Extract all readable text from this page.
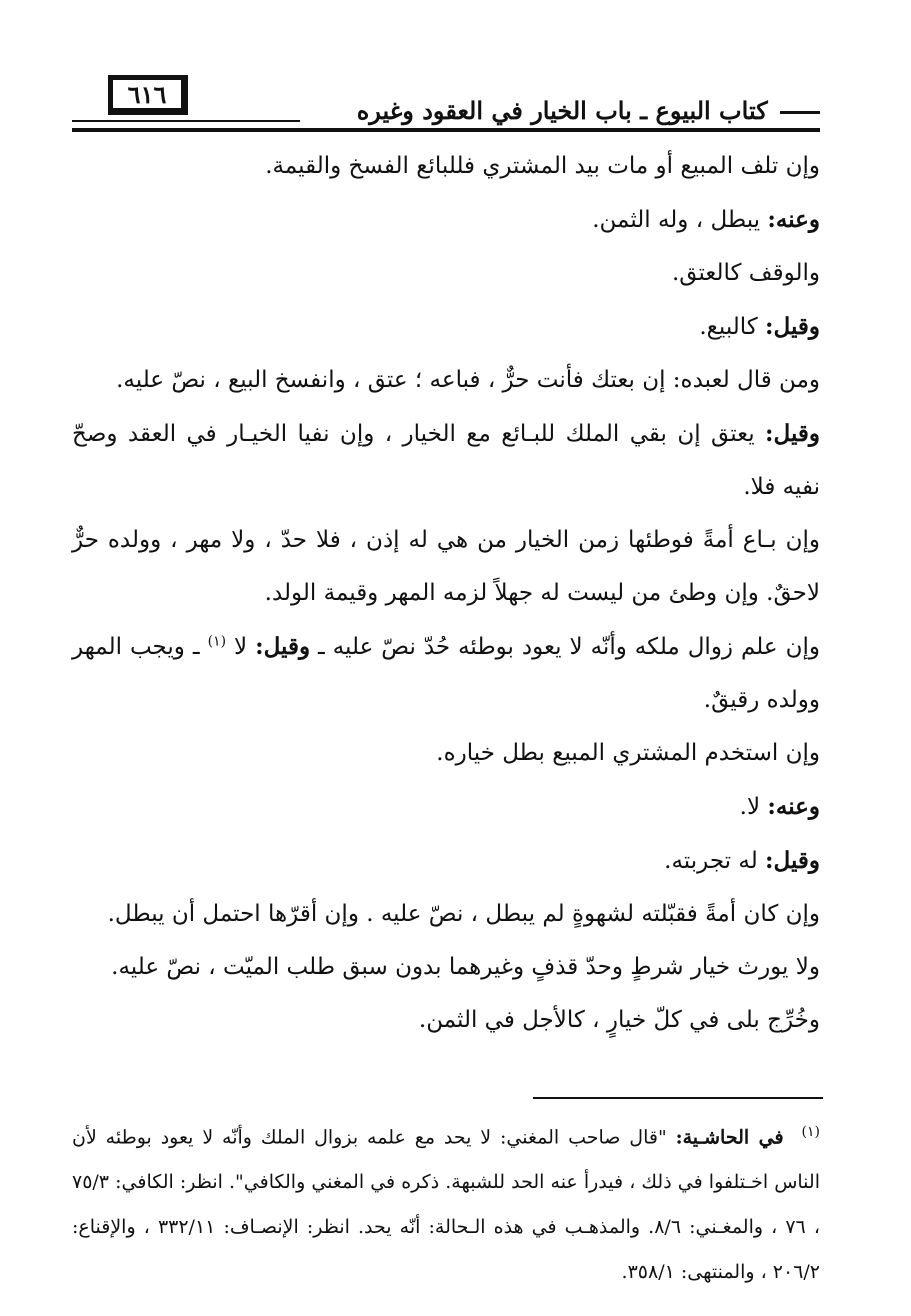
٦١٦
كتاب البيوع ـ باب الخيار في العقود وغيره

وإن تلف المبيع أو مات بيد المشتري فللبائع الفسخ والقيمة.

وعنه: يبطل ، وله الثمن.

والوقف كالعتق.

وقيل: كالبيع.

ومن قال لعبده: إن بعتك فأنت حرٌّ ، فباعه ؛ عتق ، وانفسخ البيع ، نصّ عليه.

وقيل: يعتق إن بقي الملك للبـائع مع الخيار ، وإن نفيا الخيـار في العقد وصحّ نفيه فلا.

وإن بـاع أمةً فوطئها زمن الخيار من هي له إذن ، فلا حدّ ، ولا مهر ، وولده حرٌّ لاحقٌ. وإن وطئ من ليست له جهلاً لزمه المهر وقيمة الولد.

وإن علم زوال ملكه وأنّه لا يعود بوطئه حُدّ نصّ عليه ـ وقيل: لا $^{(١)}$ ـ ويجب المهر وولده رقيقٌ.

وإن استخدم المشتري المبيع بطل خياره.

وعنه: لا.

وقيل: له تجربته.

وإن كان أمةً فقبّلته لشهوةٍ لم يبطل ، نصّ عليه . وإن أقرّها احتمل أن يبطل.

ولا يورث خيار شرطٍ وحدّ قذفٍ وغيرهما بدون سبق طلب الميّت ، نصّ عليه.

وخُرِّج بلى في كلّ خيارٍ ، كالأجل في الثمن.

$^{(١)}$في الحاشـية: "قال صاحب المغني: لا يحد مع علمه بزوال الملك وأنّه لا يعود بوطئه لأن الناس اخـتلفوا في ذلك ، فيدرأ عنه الحد للشبهة. ذكره في المغني والكافي". انظر: الكافي: ٧٥/٣ ، ٧٦ ، والمغـني: ٨/٦. والمذهـب في هذه الـحالة: أنّه يحد. انظر: الإنصـاف: ٣٣٢/١١ ، والإقناع: ٢٠٦/٢ ، والمنتهى: ٣٥٨/١.
